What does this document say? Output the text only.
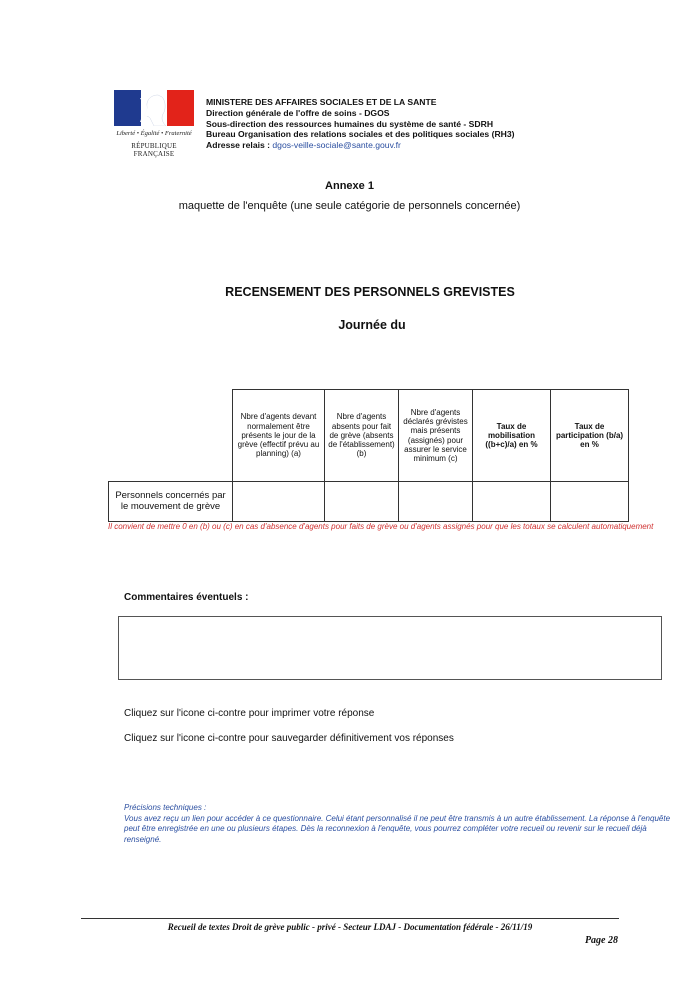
Liberté • Égalité • Fraternité
RÉPUBLIQUE FRANÇAISE
MINISTERE DES AFFAIRES SOCIALES ET DE LA SANTE
Direction générale de l'offre de soins - DGOS
Sous-direction des ressources humaines du système de santé - SDRH
Bureau Organisation des relations sociales et des politiques sociales (RH3)
Adresse relais : dgos-veille-sociale@sante.gouv.fr
Annexe 1
maquette de l'enquête (une seule catégorie de personnels concernée)
RECENSEMENT DES PERSONNELS GREVISTES
Journée du
	Nbre d'agents devant normalement être présents le jour de la grève (effectif prévu au planning) (a)	Nbre d'agents absents pour fait de grève (absents de l'établissement) (b)	Nbre d'agents déclarés grévistes mais présents (assignés) pour assurer le service minimum (c)	Taux de mobilisation ((b+c)/a) en %	Taux de participation (b/a) en %
Personnels concernés par le mouvement de grève					
Il convient de mettre 0 en (b) ou (c) en cas d'absence d'agents pour faits de grève ou d'agents assignés pour que les totaux se calculent automatiquement
Commentaires éventuels :
Cliquez sur l'icone ci-contre pour imprimer votre réponse
Cliquez sur l'icone ci-contre pour sauvegarder définitivement vos réponses
Précisions techniques :
Vous avez reçu un lien pour accéder à ce questionnaire. Celui étant personnalisé il ne peut être transmis à un autre établissement. La réponse à l'enquête peut être enregistrée en une ou plusieurs étapes. Dès la reconnexion à l'enquête, vous pourrez compléter votre recueil ou revenir sur le recueil déjà renseigné.
Recueil de textes Droit de grève public - privé - Secteur LDAJ - Documentation fédérale - 26/11/19
Page 28
